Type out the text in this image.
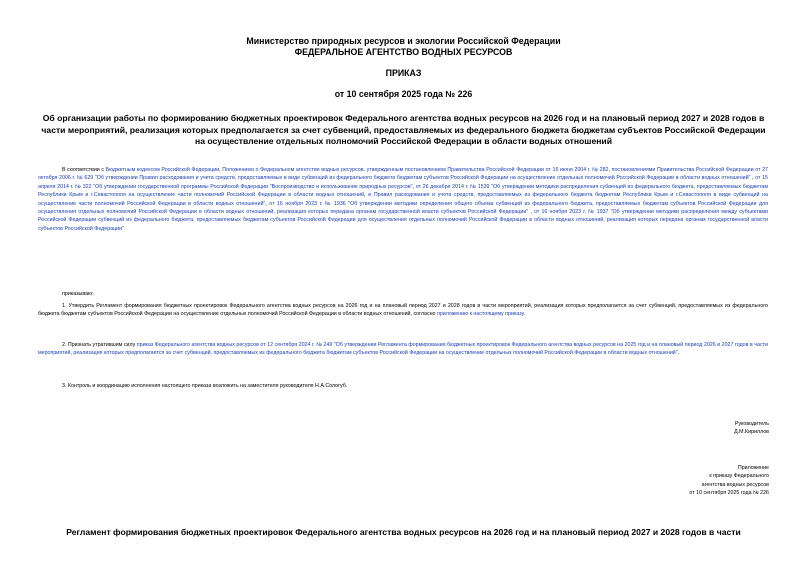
Министерство природных ресурсов и экологии Российской Федерации
ФЕДЕРАЛЬНОЕ АГЕНТСТВО ВОДНЫХ РЕСУРСОВ
ПРИКАЗ
от 10 сентября 2025 года № 226
Об организации работы по формированию бюджетных проектировок Федерального агентства водных ресурсов на 2026 год и на плановый период 2027 и 2028 годов в части мероприятий, реализация которых предполагается за счет субвенций, предоставляемых из федерального бюджета бюджетам субъектов Российской Федерации на осуществление отдельных полномочий Российской Федерации в области водных отношений
В соответствии с Бюджетным кодексом Российской Федерации, Положением о Федеральном агентстве водных ресурсов, утвержденным постановлением Правительства Российской Федерации от 16 июня 2004 г. № 282, постановлениями Правительства Российской Федерации от 27 октября 2006 г. № 629 "Об утверждении Правил расходования и учета средств, предоставляемых в виде субвенций из федерального бюджета бюджетам субъектов Российской Федерации на осуществление отдельных полномочий Российской Федерации в области водных отношений" , от 15 апреля 2014 г. № 322 "Об утверждении государственной программы Российской Федерации "Воспроизводство и использование природных ресурсов", от 26 декабря 2014 г. № 1539 "Об утверждении методики распределения субвенций из федерального бюджета, предоставляемых бюджетам Республики Крым и г.Севастополя на осуществление части полномочий Российской Федерации в области водных отношений, и Правил расходования и учета средств, предоставляемых из федерального бюджета бюджетам Республики Крым и г.Севастополя в виде субвенций на осуществление части полномочий Российской Федерации в области водных отношений", от 16 ноября 2023 г. № 1936 "Об утверждении методики определения общего объема субвенций из федерального бюджета, предоставляемых бюджетам субъектов Российской Федерации для осуществления отдельных полномочий Российской Федерации в области водных отношений, реализация которых передана органам государственной власти субъектов Российской Федерации" , от 16 ноября 2023 г. № 1937 "Об утверждении методики распределения между субъектами Российской Федерации субвенций из федерального бюджета, предоставляемых бюджетам субъектов Российской Федерации для осуществления отдельных полномочий Российской Федерации в области водных отношений, реализация которых передана органам государственной власти субъектов Российской Федерации"
приказываю:
1. Утвердить Регламент формирования бюджетных проектировок Федерального агентства водных ресурсов на 2026 год и на плановый период 2027 и 2028 годов в части мероприятий, реализация которых предполагается за счет субвенций, предоставляемых из федерального бюджета бюджетам субъектов Российской Федерации на осуществление отдельных полномочий Российской Федерации в области водных отношений, согласно приложению к настоящему приказу.
2. Признать утратившим силу приказ Федерального агентства водных ресурсов от 12 сентября 2024 г. № 249 "Об утверждении Регламента формирования бюджетных проектировок Федерального агентства водных ресурсов на 2025 год и на плановый период 2026 и 2027 годов в части мероприятий, реализация которых предполагается за счет субвенций, предоставляемых из федерального бюджета бюджетам субъектов Российской Федерации на осуществление отдельных полномочий Российской Федерации в области водных отношений".
3. Контроль и координацию исполнения настоящего приказа возложить на заместителя руководителя Н.А.Сологуб.
Руководитель
Д.М.Кириллов
Приложение
к приказу Федерального
агентства водных ресурсов
от 10 сентября 2025 года № 226
Регламент формирования бюджетных проектировок Федерального агентства водных ресурсов на 2026 год и на плановый период 2027 и 2028 годов в части
